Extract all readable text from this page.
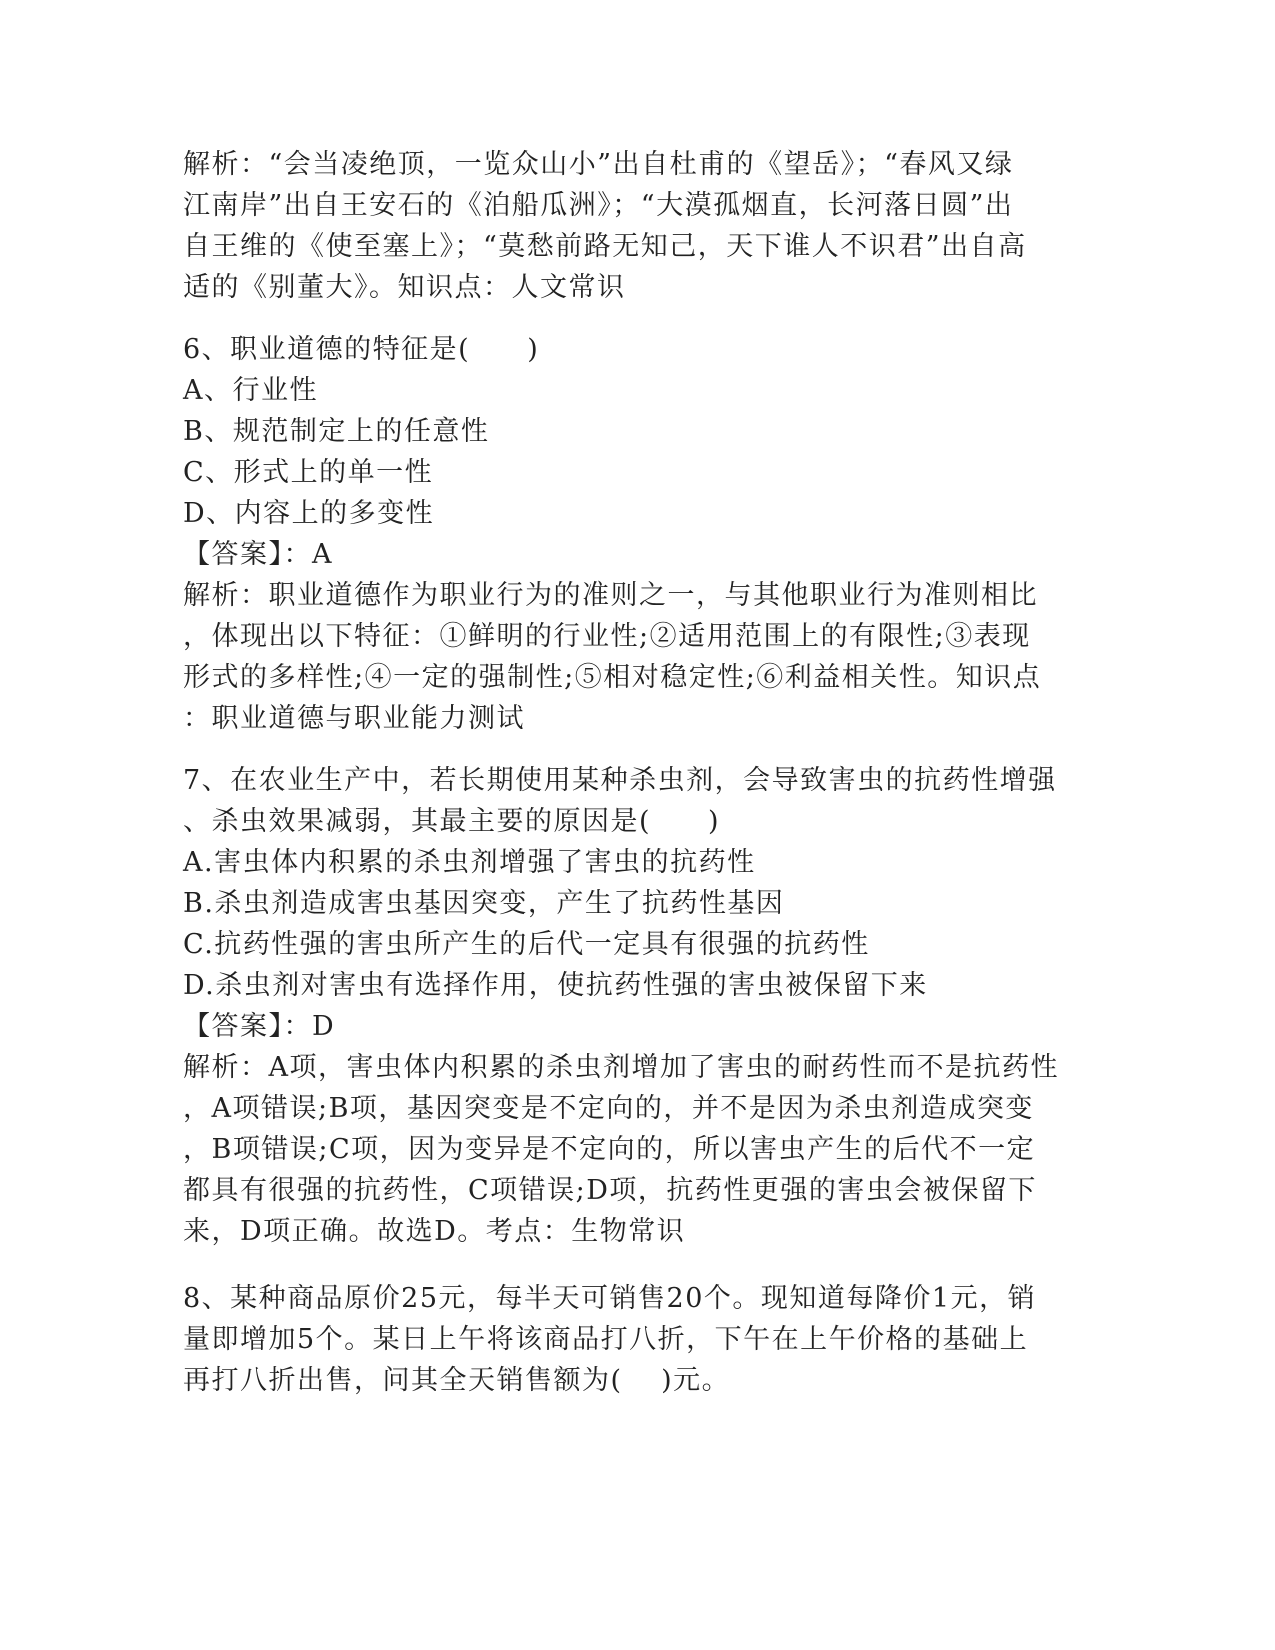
解析：“会当凌绝顶，一览众山小”出自杜甫的《望岳》；“春风又绿
江南岸”出自王安石的《泊船瓜洲》；“大漠孤烟直，长河落日圆”出
自王维的《使至塞上》；“莫愁前路无知己，天下谁人不识君”出自高
适的《别董大》。知识点：人文常识
6、职业道德的特征是(　　)
A、行业性
B、规范制定上的任意性
C、形式上的单一性
D、内容上的多变性
【答案】：A
解析：职业道德作为职业行为的准则之一，与其他职业行为准则相比
，体现出以下特征：①鲜明的行业性;②适用范围上的有限性;③表现
形式的多样性;④一定的强制性;⑤相对稳定性;⑥利益相关性。知识点
：职业道德与职业能力测试
7、在农业生产中，若长期使用某种杀虫剂，会导致害虫的抗药性增强
、杀虫效果减弱，其最主要的原因是(　　)
A.害虫体内积累的杀虫剂增强了害虫的抗药性
B.杀虫剂造成害虫基因突变，产生了抗药性基因
C.抗药性强的害虫所产生的后代一定具有很强的抗药性
D.杀虫剂对害虫有选择作用，使抗药性强的害虫被保留下来
【答案】：D
解析：A项，害虫体内积累的杀虫剂增加了害虫的耐药性而不是抗药性
，A项错误;B项，基因突变是不定向的，并不是因为杀虫剂造成突变
，B项错误;C项，因为变异是不定向的，所以害虫产生的后代不一定
都具有很强的抗药性，C项错误;D项，抗药性更强的害虫会被保留下
来，D项正确。故选D。考点：生物常识
8、某种商品原价25元，每半天可销售20个。现知道每降价1元，销
量即增加5个。某日上午将该商品打八折，下午在上午价格的基础上
再打八折出售，问其全天销售额为(　 )元。
